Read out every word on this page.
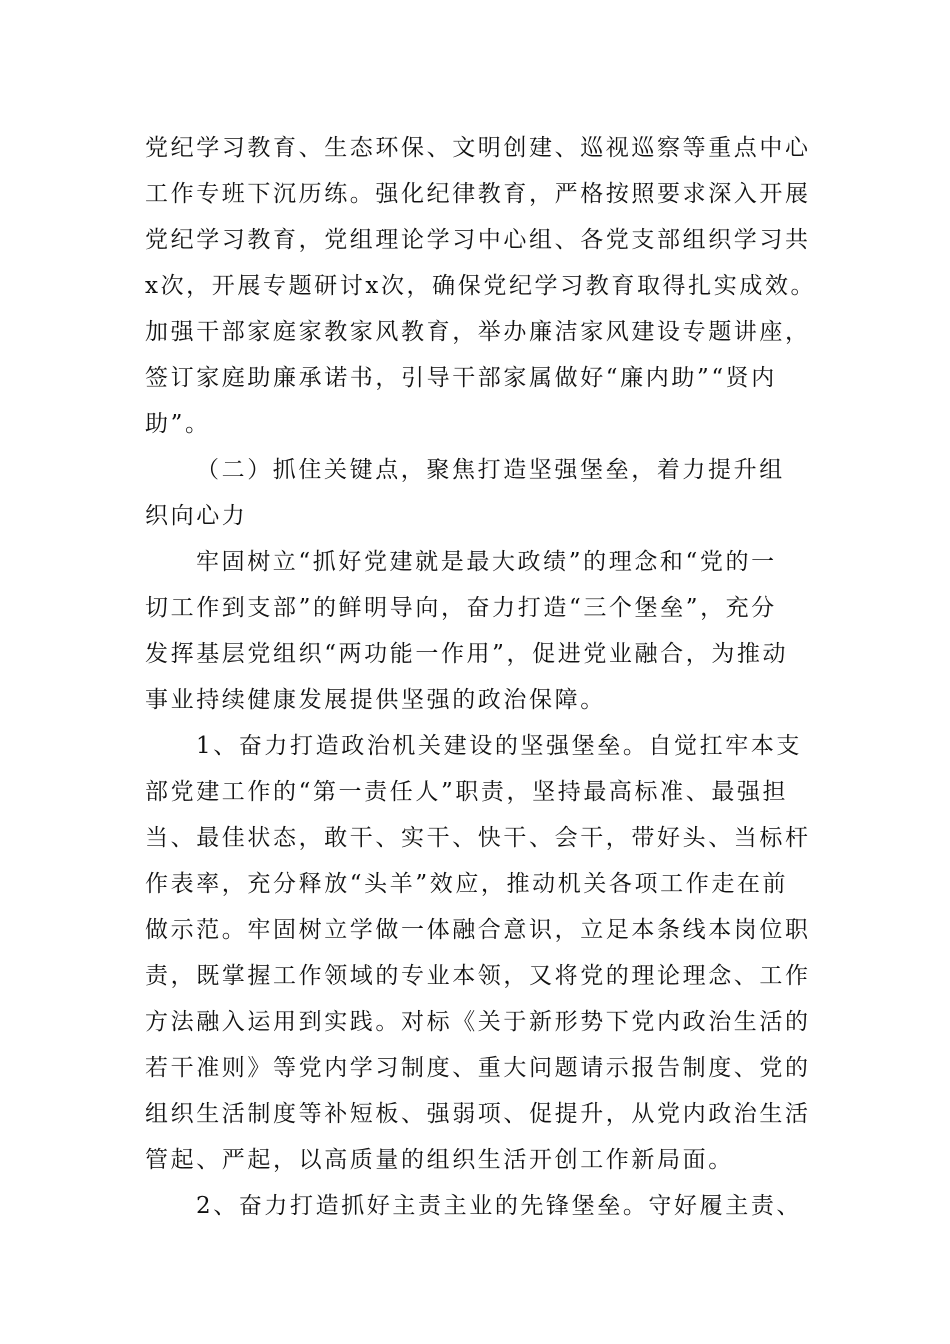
党纪学习教育、生态环保、文明创建、巡视巡察等重点中心
工作专班下沉历练。强化纪律教育，严格按照要求深入开展
党纪学习教育，党组理论学习中心组、各党支部组织学习共
x次，开展专题研讨x次，确保党纪学习教育取得扎实成效。
加强干部家庭家教家风教育，举办廉洁家风建设专题讲座，
签订家庭助廉承诺书，引导干部家属做好“廉内助”“贤内
助”。
（二）抓住关键点，聚焦打造坚强堡垒，着力提升组
织向心力
牢固树立“抓好党建就是最大政绩”的理念和“党的一
切工作到支部”的鲜明导向，奋力打造“三个堡垒”，充分
发挥基层党组织“两功能一作用”，促进党业融合，为推动
事业持续健康发展提供坚强的政治保障。
1、奋力打造政治机关建设的坚强堡垒。自觉扛牢本支
部党建工作的“第一责任人”职责，坚持最高标准、最强担
当、最佳状态，敢干、实干、快干、会干，带好头、当标杆
作表率，充分释放“头羊”效应，推动机关各项工作走在前
做示范。牢固树立学做一体融合意识，立足本条线本岗位职
责，既掌握工作领域的专业本领，又将党的理论理念、工作
方法融入运用到实践。对标《关于新形势下党内政治生活的
若干准则》等党内学习制度、重大问题请示报告制度、党的
组织生活制度等补短板、强弱项、促提升，从党内政治生活
管起、严起，以高质量的组织生活开创工作新局面。
2、奋力打造抓好主责主业的先锋堡垒。守好履主责、
